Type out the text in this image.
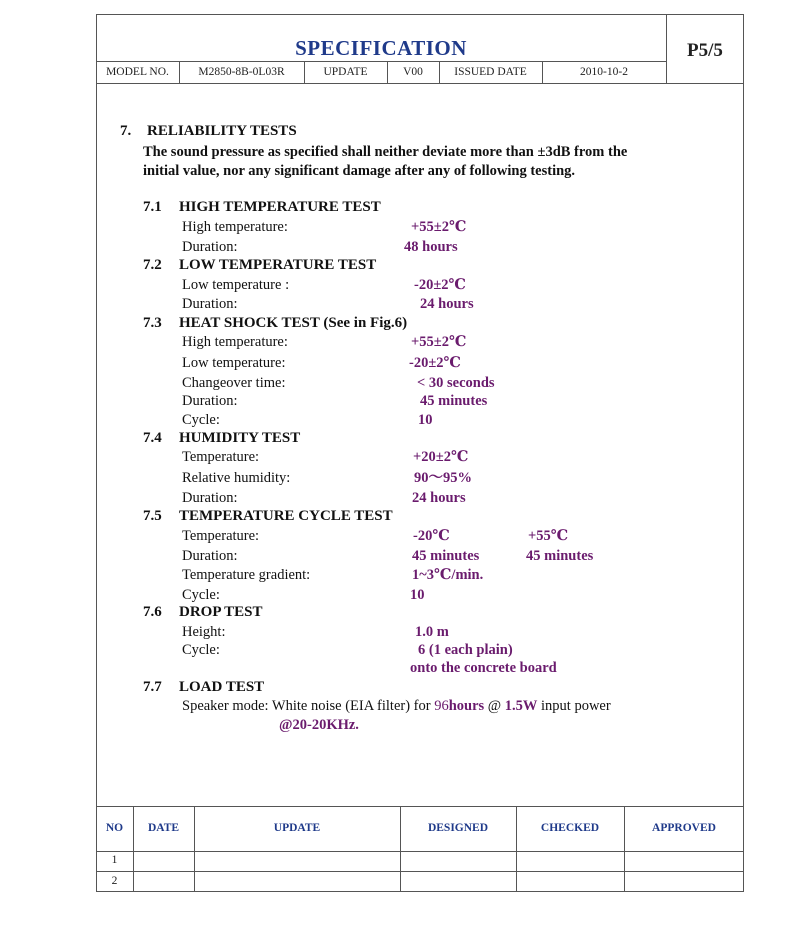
SPECIFICATION	P5/5
MODEL NO.	M2850-8B-0L03R	UPDATE	V00	ISSUED DATE	2010-10-2
7. RELIABILITY TESTS
The sound pressure as specified shall neither deviate more than ±3dB from the
initial value, nor any significant damage after any of following testing.
7.1 HIGH TEMPERATURE TEST
High temperature:	+55±2℃
Duration:	48 hours
7.2 LOW TEMPERATURE TEST
Low temperature :	-20±2℃
Duration:	24 hours
7.3 HEAT SHOCK TEST (See in Fig.6)
High temperature:	+55±2℃
Low temperature:	-20±2℃
Changeover time:	< 30 seconds
Duration:	45 minutes
Cycle:	10
7.4 HUMIDITY TEST
Temperature:	+20±2℃
Relative humidity:	90〜95%
Duration:	24 hours
7.5 TEMPERATURE CYCLE TEST
Temperature:	-20℃	+55℃
Duration:	45 minutes	45 minutes
Temperature gradient:	1~3℃/min.
Cycle:	10
7.6 DROP TEST
Height:	1.0 m
Cycle:	6 (1 each plain)
onto the concrete board
7.7 LOAD TEST
Speaker mode: White noise (EIA filter) for 96hours @ 1.5W input power
@20-20KHz.
NO	DATE	UPDATE	DESIGNED	CHECKED	APPROVED
1
2
